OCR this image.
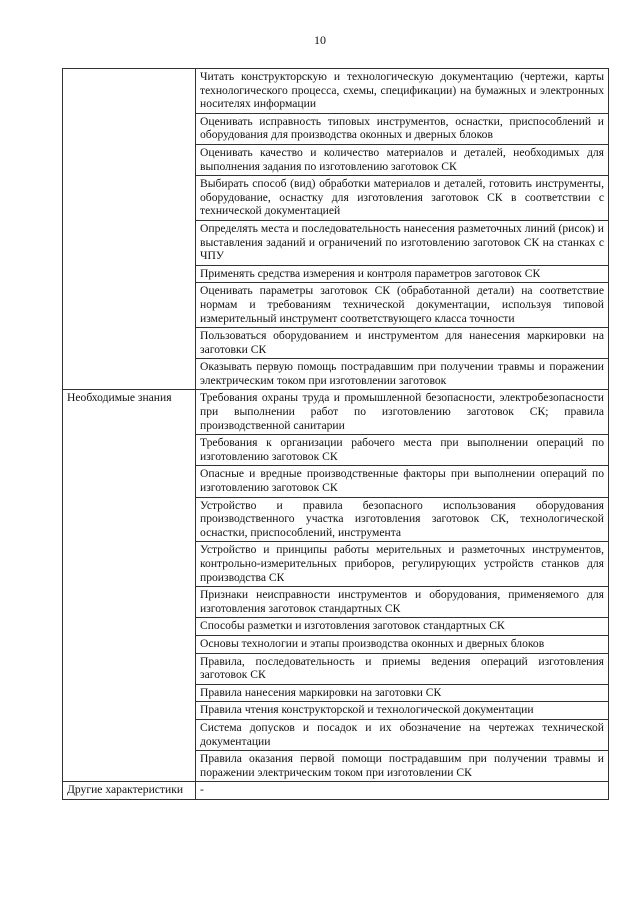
10
	Читать конструкторскую и технологическую документацию (чертежи, карты технологического процесса, схемы, спецификации) на бумажных и электронных носителях информации
	Оценивать исправность типовых инструментов, оснастки, приспособлений и оборудования для производства оконных и дверных блоков
	Оценивать качество и количество материалов и деталей, необходимых для выполнения задания по изготовлению заготовок СК
	Выбирать способ (вид) обработки материалов и деталей, готовить инструменты, оборудование, оснастку для изготовления заготовок СК в соответствии с технической документацией
	Определять места и последовательность нанесения разметочных линий (рисок) и выставления заданий и ограничений по изготовлению заготовок СК на станках с ЧПУ
	Применять средства измерения и контроля параметров заготовок СК
	Оценивать параметры заготовок СК (обработанной детали) на соответствие нормам и требованиям технической документации, используя типовой измерительный инструмент соответствующего класса точности
	Пользоваться оборудованием и инструментом для нанесения маркировки на заготовки СК
	Оказывать первую помощь пострадавшим при получении травмы и поражении электрическим током при изготовлении заготовок
Необходимые знания	Требования охраны труда и промышленной безопасности, электробезопасности при выполнении работ по изготовлению заготовок СК; правила производственной санитарии
	Требования к организации рабочего места при выполнении операций по изготовлению заготовок СК
	Опасные и вредные производственные факторы при выполнении операций по изготовлению заготовок СК
	Устройство и правила безопасного использования оборудования производственного участка изготовления заготовок СК, технологической оснастки, приспособлений, инструмента
	Устройство и принципы работы мерительных и разметочных инструментов, контрольно-измерительных приборов, регулирующих устройств станков для производства СК
	Признаки неисправности инструментов и оборудования, применяемого для изготовления заготовок стандартных СК
	Способы разметки и изготовления заготовок стандартных СК
	Основы технологии и этапы производства оконных и дверных блоков
	Правила, последовательность и приемы ведения операций изготовления заготовок СК
	Правила нанесения маркировки на заготовки СК
	Правила чтения конструкторской и технологической документации
	Система допусков и посадок и их обозначение на чертежах технической документации
	Правила оказания первой помощи пострадавшим при получении травмы и поражении электрическим током при изготовлении СК
Другие характеристики	-
